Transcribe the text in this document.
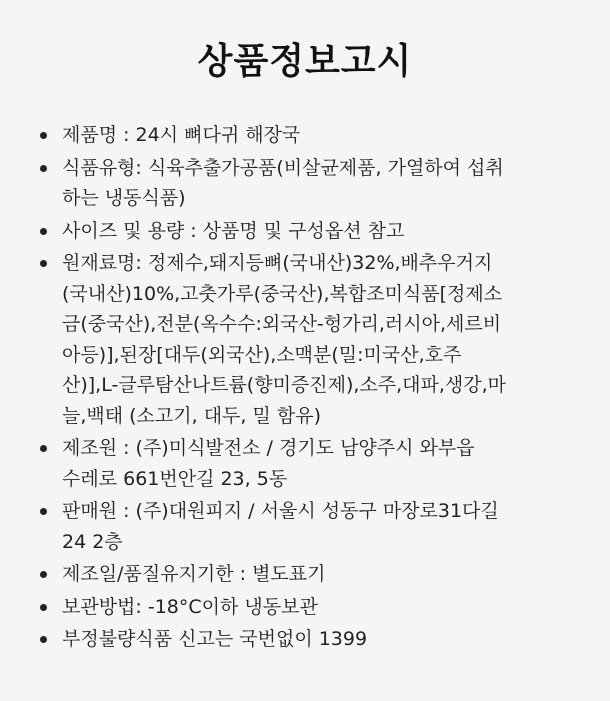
상품정보고시
제품명 : 24시 뼈다귀 해장국
식품유형: 식육추출가공품(비살균제품, 가열하여 섭취
하는 냉동식품)
사이즈 및 용량 : 상품명 및 구성옵션 참고
원재료명: 정제수,돼지등뼈(국내산)32%,배추우거지
(국내산)10%,고춧가루(중국산),복합조미식품[정제소
금(중국산),전분(옥수수:외국산-헝가리,러시아,세르비
아등)],된장[대두(외국산),소맥분(밀:미국산,호주
산)],L-글루탐산나트륨(향미증진제),소주,대파,생강,마
늘,백태 (소고기, 대두, 밀 함유)
제조원 : (주)미식발전소 / 경기도 남양주시 와부읍
수레로 661번안길 23, 5동
판매원 : (주)대원피지 / 서울시 성동구 마장로31다길
24 2층
제조일/품질유지기한 : 별도표기
보관방법: -18°C이하 냉동보관
부정불량식품 신고는 국번없이 1399
